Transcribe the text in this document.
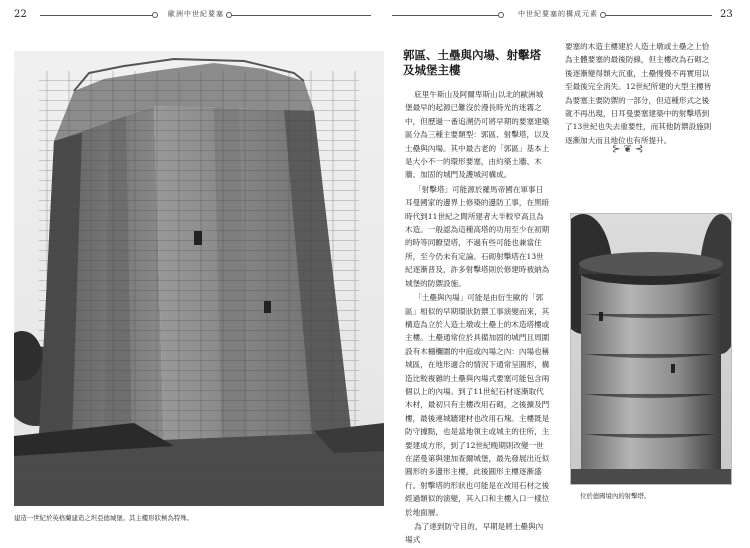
22	歐洲中世紀要塞
建造一世紀於英格蘭建造之坦亞德城堡。其主樓形狀極為特殊。
中世紀要塞的構成元素	23
郭區、土壘與內場、射擊塔及城堡主樓

庇里牛斯山及阿爾卑斯山以北的歐洲城堡最早的起源已難沒於漫長時光的迷霧之中，但歷過一番追溯仍可將早期的要塞建築區分為三種主要類型：郭區、射擊塔，以及土壘與內場。其中最古老的「郭區」基本上是大小不一的環形要塞，由約築土牆、木牆、加固的城門及護城河構成。

「射擊塔」可能源於羅馬帝國在軍事日耳曼國家的邊界上修築的邊防工事，在黑暗時代到11世紀之間所建者大半較窄高且為木造。一般認為這種高塔的功用至少在初期的時等同瞭望塔，不過有些可能也兼當住所，至今仍未有定論。石砌射擊塔在13世紀逐漸普及，許多射擊塔則於修建時被納為城堡的防禦設施。

「土壘與內場」可能是由衍生歐的「郭區」相似的早期環狀防禦工事演變而來，其構造為立於人造土墩或土壘上的木造塔樓或主樓。土壘通常位於具備加固的城門且周圍設有木柵欄圍的中庭或內場之內：內場也稱城區，在地形適合的情況下通常呈圓形，構造比較複雜的土壘與內場式要塞可能包含兩個以上的內場。到了11世紀石材逐漸取代木材，最初只有主樓改用石砌，之後擴及門樓，最後連城牆建材也改用石塊。主樓既是防守據點，也是當地領主或城主的住所，主要建成方形，到了12世紀晚期則改變一世在諾曼第與建加查爾城堡，最先發展出近似圓形的多邊形主樓，此後圓形主樓逐漸盛行。射擊塔的形狀也可能是在改用石材之後經過類似的演變，其入口和主樓入口一樣位於地面層。

為了達到防守目的，早期是將土壘與內場式

要塞的木造主樓建於人造土墩或土壘之上恰為主體要塞的最後防線，但主樓改為石砌之後逐漸變得頹大沉重，土壘慢慢不再實用以至最後完全消失。12世紀所建的大型主樓皆為要塞主要防禦的一部分，但這種形式之後就不再出現，日耳曼要塞建築中的射擊塔到了13世紀也失去重要性，而其他防禦設施則逐漸加大而且地位也有所提升。

⊱ ❦ ⊰
位於德國境內的射擊塔。
